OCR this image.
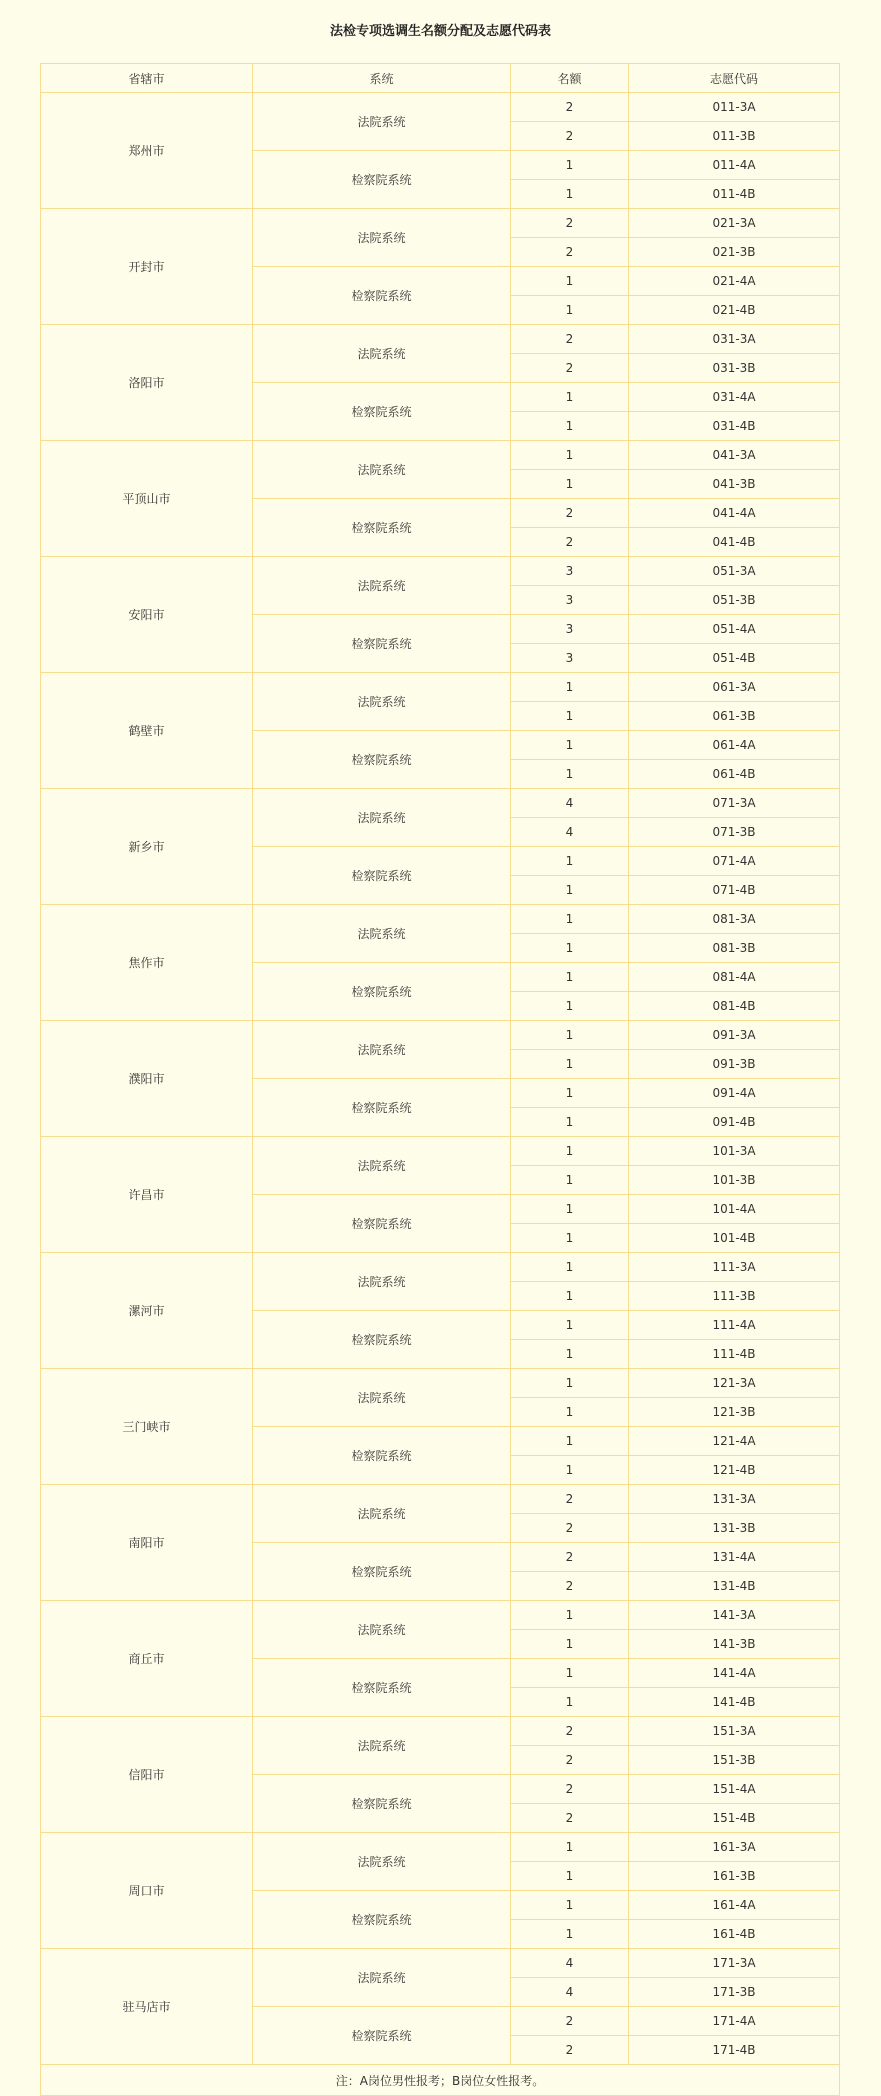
法检专项选调生名额分配及志愿代码表
省辖市	系统	名额	志愿代码
郑州市	法院系统	2	011-3A
		2	011-3B
	检察院系统	1	011-4A
		1	011-4B
开封市	法院系统	2	021-3A
		2	021-3B
	检察院系统	1	021-4A
		1	021-4B
洛阳市	法院系统	2	031-3A
		2	031-3B
	检察院系统	1	031-4A
		1	031-4B
平顶山市	法院系统	1	041-3A
		1	041-3B
	检察院系统	2	041-4A
		2	041-4B
安阳市	法院系统	3	051-3A
		3	051-3B
	检察院系统	3	051-4A
		3	051-4B
鹤壁市	法院系统	1	061-3A
		1	061-3B
	检察院系统	1	061-4A
		1	061-4B
新乡市	法院系统	4	071-3A
		4	071-3B
	检察院系统	1	071-4A
		1	071-4B
焦作市	法院系统	1	081-3A
		1	081-3B
	检察院系统	1	081-4A
		1	081-4B
濮阳市	法院系统	1	091-3A
		1	091-3B
	检察院系统	1	091-4A
		1	091-4B
许昌市	法院系统	1	101-3A
		1	101-3B
	检察院系统	1	101-4A
		1	101-4B
漯河市	法院系统	1	111-3A
		1	111-3B
	检察院系统	1	111-4A
		1	111-4B
三门峡市	法院系统	1	121-3A
		1	121-3B
	检察院系统	1	121-4A
		1	121-4B
南阳市	法院系统	2	131-3A
		2	131-3B
	检察院系统	2	131-4A
		2	131-4B
商丘市	法院系统	1	141-3A
		1	141-3B
	检察院系统	1	141-4A
		1	141-4B
信阳市	法院系统	2	151-3A
		2	151-3B
	检察院系统	2	151-4A
		2	151-4B
周口市	法院系统	1	161-3A
		1	161-3B
	检察院系统	1	161-4A
		1	161-4B
驻马店市	法院系统	4	171-3A
		4	171-3B
	检察院系统	2	171-4A
		2	171-4B
注：A岗位男性报考；B岗位女性报考。			
